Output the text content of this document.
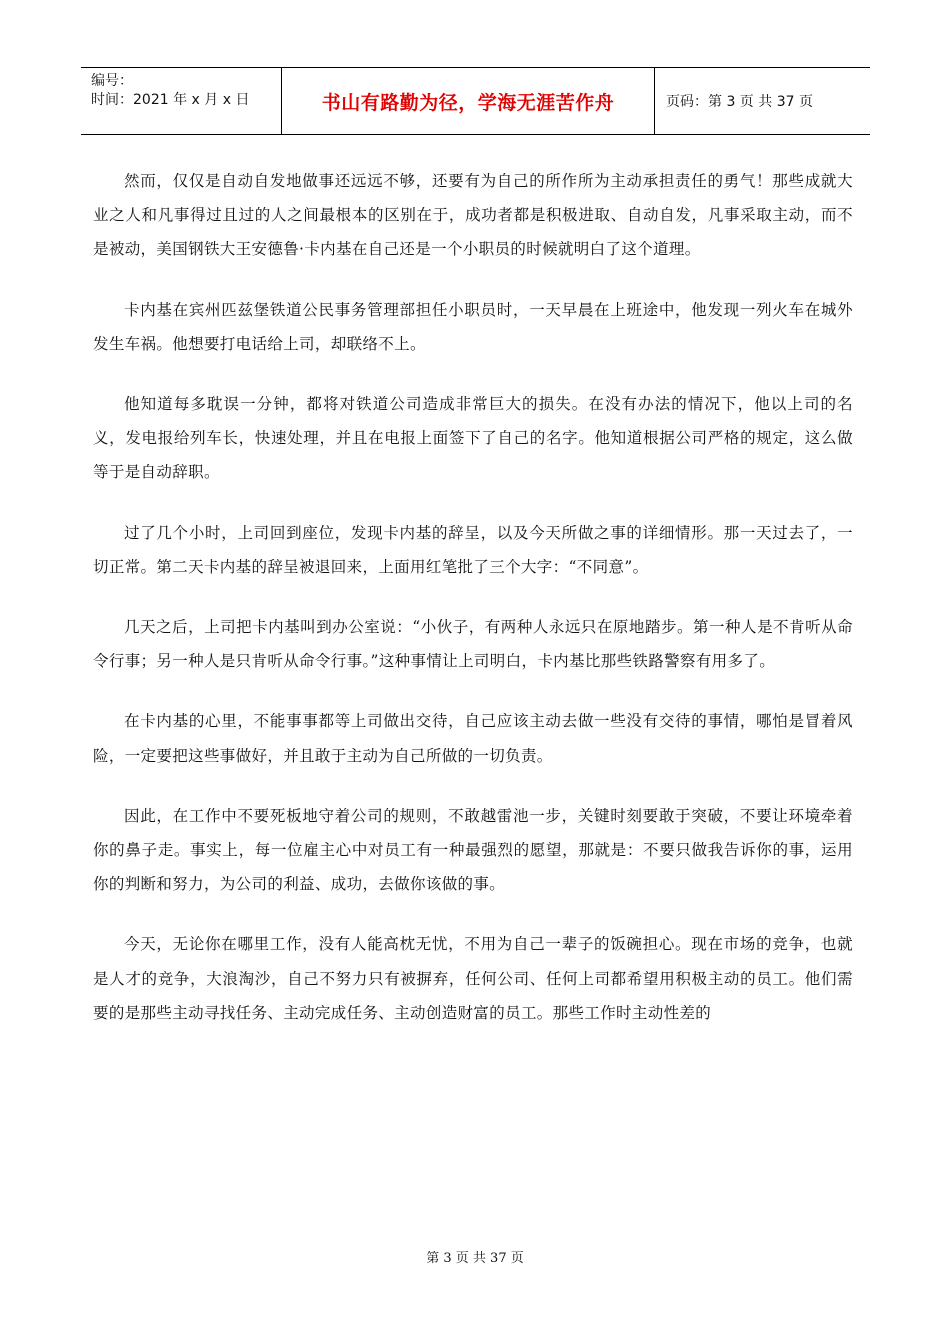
编号：
时间：2021 年 x 月 x 日	书山有路勤为径，学海无涯苦作舟	页码：第 3 页 共 37 页

然而，仅仅是自动自发地做事还远远不够，还要有为自己的所作所为主动承担责任的勇气！那些成就大业之人和凡事得过且过的人之间最根本的区别在于，成功者都是积极进取、自动自发，凡事采取主动，而不是被动，美国钢铁大王安德鲁·卡内基在自己还是一个小职员的时候就明白了这个道理。

卡内基在宾州匹兹堡铁道公民事务管理部担任小职员时，一天早晨在上班途中，他发现一列火车在城外发生车祸。他想要打电话给上司，却联络不上。

他知道每多耽误一分钟，都将对铁道公司造成非常巨大的损失。在没有办法的情况下，他以上司的名义，发电报给列车长，快速处理，并且在电报上面签下了自己的名字。他知道根据公司严格的规定，这么做等于是自动辞职。

过了几个小时，上司回到座位，发现卡内基的辞呈，以及今天所做之事的详细情形。那一天过去了，一切正常。第二天卡内基的辞呈被退回来，上面用红笔批了三个大字：“不同意”。

几天之后，上司把卡内基叫到办公室说：“小伙子，有两种人永远只在原地踏步。第一种人是不肯听从命令行事；另一种人是只肯听从命令行事。”这种事情让上司明白，卡内基比那些铁路警察有用多了。

在卡内基的心里，不能事事都等上司做出交待，自己应该主动去做一些没有交待的事情，哪怕是冒着风险，一定要把这些事做好，并且敢于主动为自己所做的一切负责。

因此，在工作中不要死板地守着公司的规则，不敢越雷池一步，关键时刻要敢于突破，不要让环境牵着你的鼻子走。事实上，每一位雇主心中对员工有一种最强烈的愿望，那就是：不要只做我告诉你的事，运用你的判断和努力，为公司的利益、成功，去做你该做的事。

今天，无论你在哪里工作，没有人能高枕无忧，不用为自己一辈子的饭碗担心。现在市场的竞争，也就是人才的竞争，大浪淘沙，自己不努力只有被摒弃，任何公司、任何上司都希望用积极主动的员工。他们需要的是那些主动寻找任务、主动完成任务、主动创造财富的员工。那些工作时主动性差的

第 3 页 共 37 页
